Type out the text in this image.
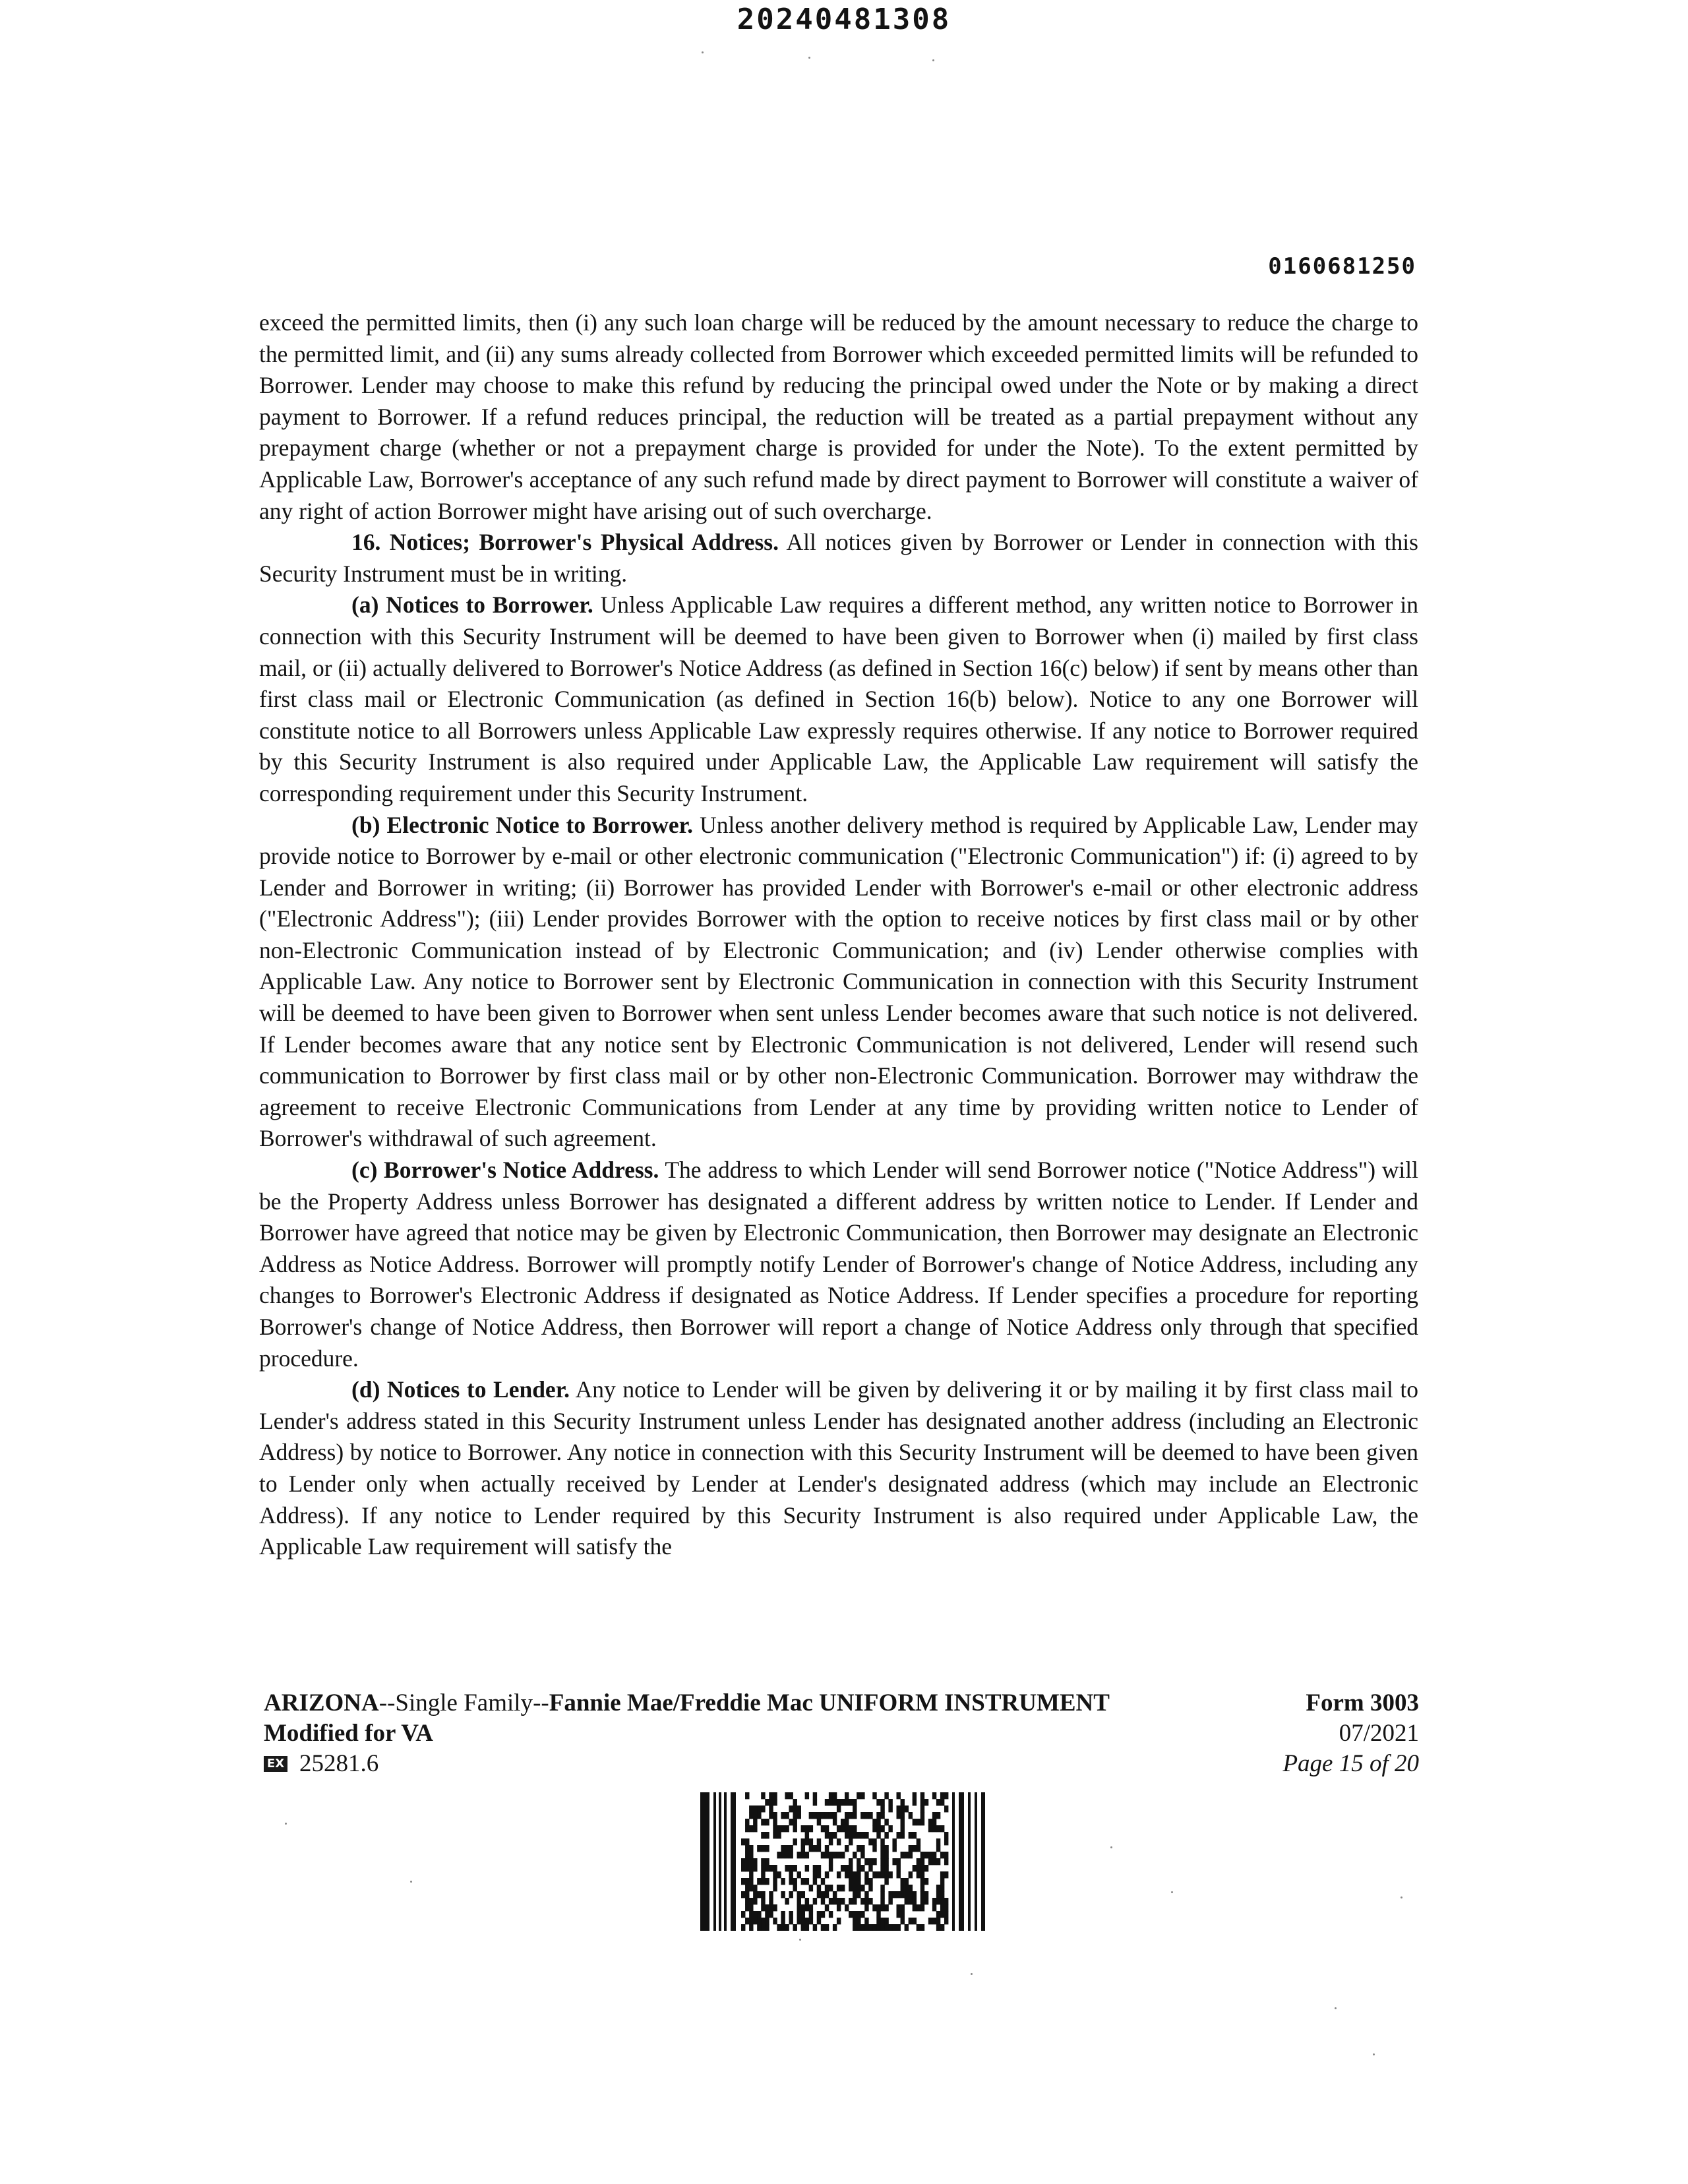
20240481308
0160681250

exceed the permitted limits, then (i) any such loan charge will be reduced by the amount necessary to reduce the charge to the permitted limit, and (ii) any sums already collected from Borrower which exceeded permitted limits will be refunded to Borrower. Lender may choose to make this refund by reducing the principal owed under the Note or by making a direct payment to Borrower. If a refund reduces principal, the reduction will be treated as a partial prepayment without any prepayment charge (whether or not a prepayment charge is provided for under the Note). To the extent permitted by Applicable Law, Borrower's acceptance of any such refund made by direct payment to Borrower will constitute a waiver of any right of action Borrower might have arising out of such overcharge.

16. Notices; Borrower's Physical Address. All notices given by Borrower or Lender in connection with this Security Instrument must be in writing.

(a) Notices to Borrower. Unless Applicable Law requires a different method, any written notice to Borrower in connection with this Security Instrument will be deemed to have been given to Borrower when (i) mailed by first class mail, or (ii) actually delivered to Borrower's Notice Address (as defined in Section 16(c) below) if sent by means other than first class mail or Electronic Communication (as defined in Section 16(b) below). Notice to any one Borrower will constitute notice to all Borrowers unless Applicable Law expressly requires otherwise. If any notice to Borrower required by this Security Instrument is also required under Applicable Law, the Applicable Law requirement will satisfy the corresponding requirement under this Security Instrument.

(b) Electronic Notice to Borrower. Unless another delivery method is required by Applicable Law, Lender may provide notice to Borrower by e-mail or other electronic communication ("Electronic Communication") if: (i) agreed to by Lender and Borrower in writing; (ii) Borrower has provided Lender with Borrower's e-mail or other electronic address ("Electronic Address"); (iii) Lender provides Borrower with the option to receive notices by first class mail or by other non-Electronic Communication instead of by Electronic Communication; and (iv) Lender otherwise complies with Applicable Law. Any notice to Borrower sent by Electronic Communication in connection with this Security Instrument will be deemed to have been given to Borrower when sent unless Lender becomes aware that such notice is not delivered. If Lender becomes aware that any notice sent by Electronic Communication is not delivered, Lender will resend such communication to Borrower by first class mail or by other non-Electronic Communication. Borrower may withdraw the agreement to receive Electronic Communications from Lender at any time by providing written notice to Lender of Borrower's withdrawal of such agreement.

(c) Borrower's Notice Address. The address to which Lender will send Borrower notice ("Notice Address") will be the Property Address unless Borrower has designated a different address by written notice to Lender. If Lender and Borrower have agreed that notice may be given by Electronic Communication, then Borrower may designate an Electronic Address as Notice Address. Borrower will promptly notify Lender of Borrower's change of Notice Address, including any changes to Borrower's Electronic Address if designated as Notice Address. If Lender specifies a procedure for reporting Borrower's change of Notice Address, then Borrower will report a change of Notice Address only through that specified procedure.

(d) Notices to Lender. Any notice to Lender will be given by delivering it or by mailing it by first class mail to Lender's address stated in this Security Instrument unless Lender has designated another address (including an Electronic Address) by notice to Borrower. Any notice in connection with this Security Instrument will be deemed to have been given to Lender only when actually received by Lender at Lender's designated address (which may include an Electronic Address). If any notice to Lender required by this Security Instrument is also required under Applicable Law, the Applicable Law requirement will satisfy the

ARIZONA--Single Family--Fannie Mae/Freddie Mac UNIFORM INSTRUMENT
Modified for VA
EX 25281.6
Form 3003
07/2021
Page 15 of 20
